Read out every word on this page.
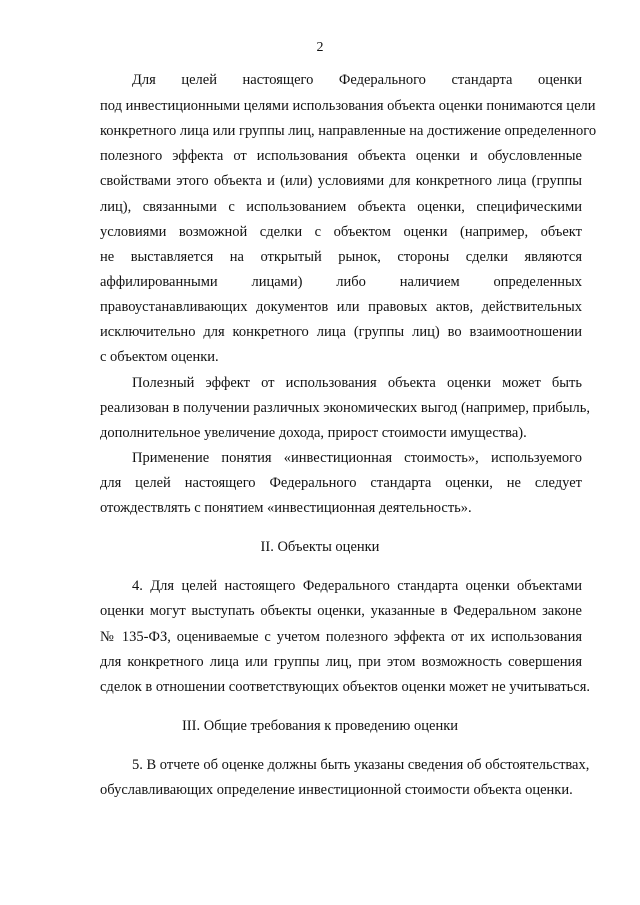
2
Для целей настоящего Федерального стандарта оценки
под инвестиционными целями использования объекта оценки понимаются цели
конкретного лица или группы лиц, направленные на достижение определенного
полезного эффекта от использования объекта оценки и обусловленные
свойствами этого объекта и (или) условиями для конкретного лица (группы
лиц), связанными с использованием объекта оценки, специфическими
условиями возможной сделки с объектом оценки (например, объект
не выставляется на открытый рынок, стороны сделки являются
аффилированными лицами) либо наличием определенных
правоустанавливающих документов или правовых актов, действительных
исключительно для конкретного лица (группы лиц) во взаимоотношении
с объектом оценки.
Полезный эффект от использования объекта оценки может быть
реализован в получении различных экономических выгод (например, прибыль,
дополнительное увеличение дохода, прирост стоимости имущества).
Применение понятия «инвестиционная стоимость», используемого
для целей настоящего Федерального стандарта оценки, не следует
отождествлять с понятием «инвестиционная деятельность».
II. Объекты оценки
4. Для целей настоящего Федерального стандарта оценки объектами
оценки могут выступать объекты оценки, указанные в Федеральном законе
№ 135-ФЗ, оцениваемые с учетом полезного эффекта от их использования
для конкретного лица или группы лиц, при этом возможность совершения
сделок в отношении соответствующих объектов оценки может не учитываться.
III. Общие требования к проведению оценки
5. В отчете об оценке должны быть указаны сведения об обстоятельствах,
обуславливающих определение инвестиционной стоимости объекта оценки.
